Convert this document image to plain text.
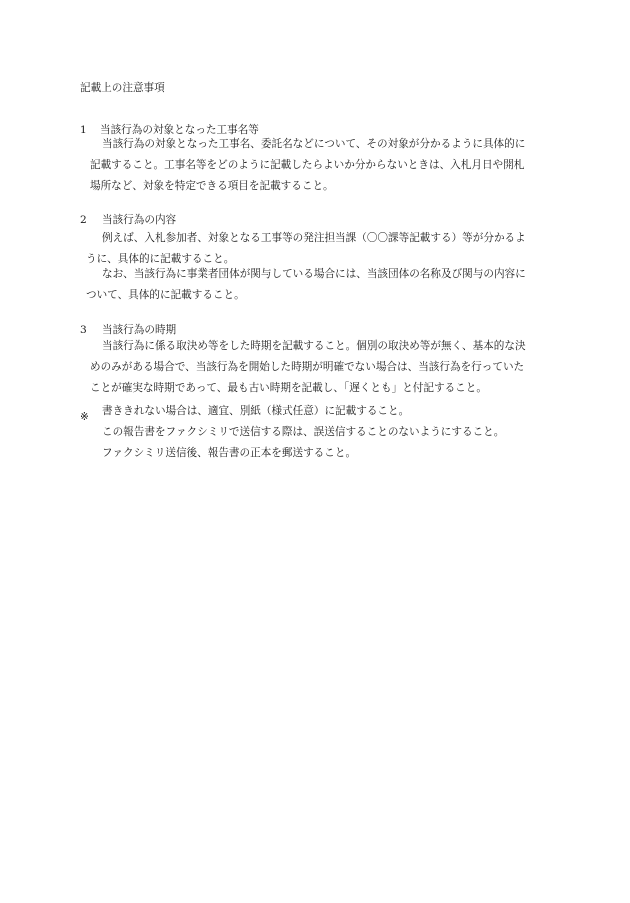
記載上の注意事項
1 当該行為の対象となった工事名等
当該行為の対象となった工事名、委託名などについて、その対象が分かるように具体的に
記載すること。工事名等をどのように記載したらよいか分からないときは、入札月日や開札
場所など、対象を特定できる項目を記載すること。
2 当該行為の内容
例えば、入札参加者、対象となる工事等の発注担当課（〇〇課等記載する）等が分かるよ
うに、具体的に記載すること。
なお、当該行為に事業者団体が関与している場合には、当該団体の名称及び関与の内容に
ついて、具体的に記載すること。
3 当該行為の時期
当該行為に係る取決め等をした時期を記載すること。個別の取決め等が無く、基本的な決
めのみがある場合で、当該行為を開始した時期が明確でない場合は、当該行為を行っていた
ことが確実な時期であって、最も古い時期を記載し、「遅くとも」と付記すること。
※ 書ききれない場合は、適宜、別紙（様式任意）に記載すること。
この報告書をファクシミリで送信する際は、誤送信することのないようにすること。
ファクシミリ送信後、報告書の正本を郵送すること。
